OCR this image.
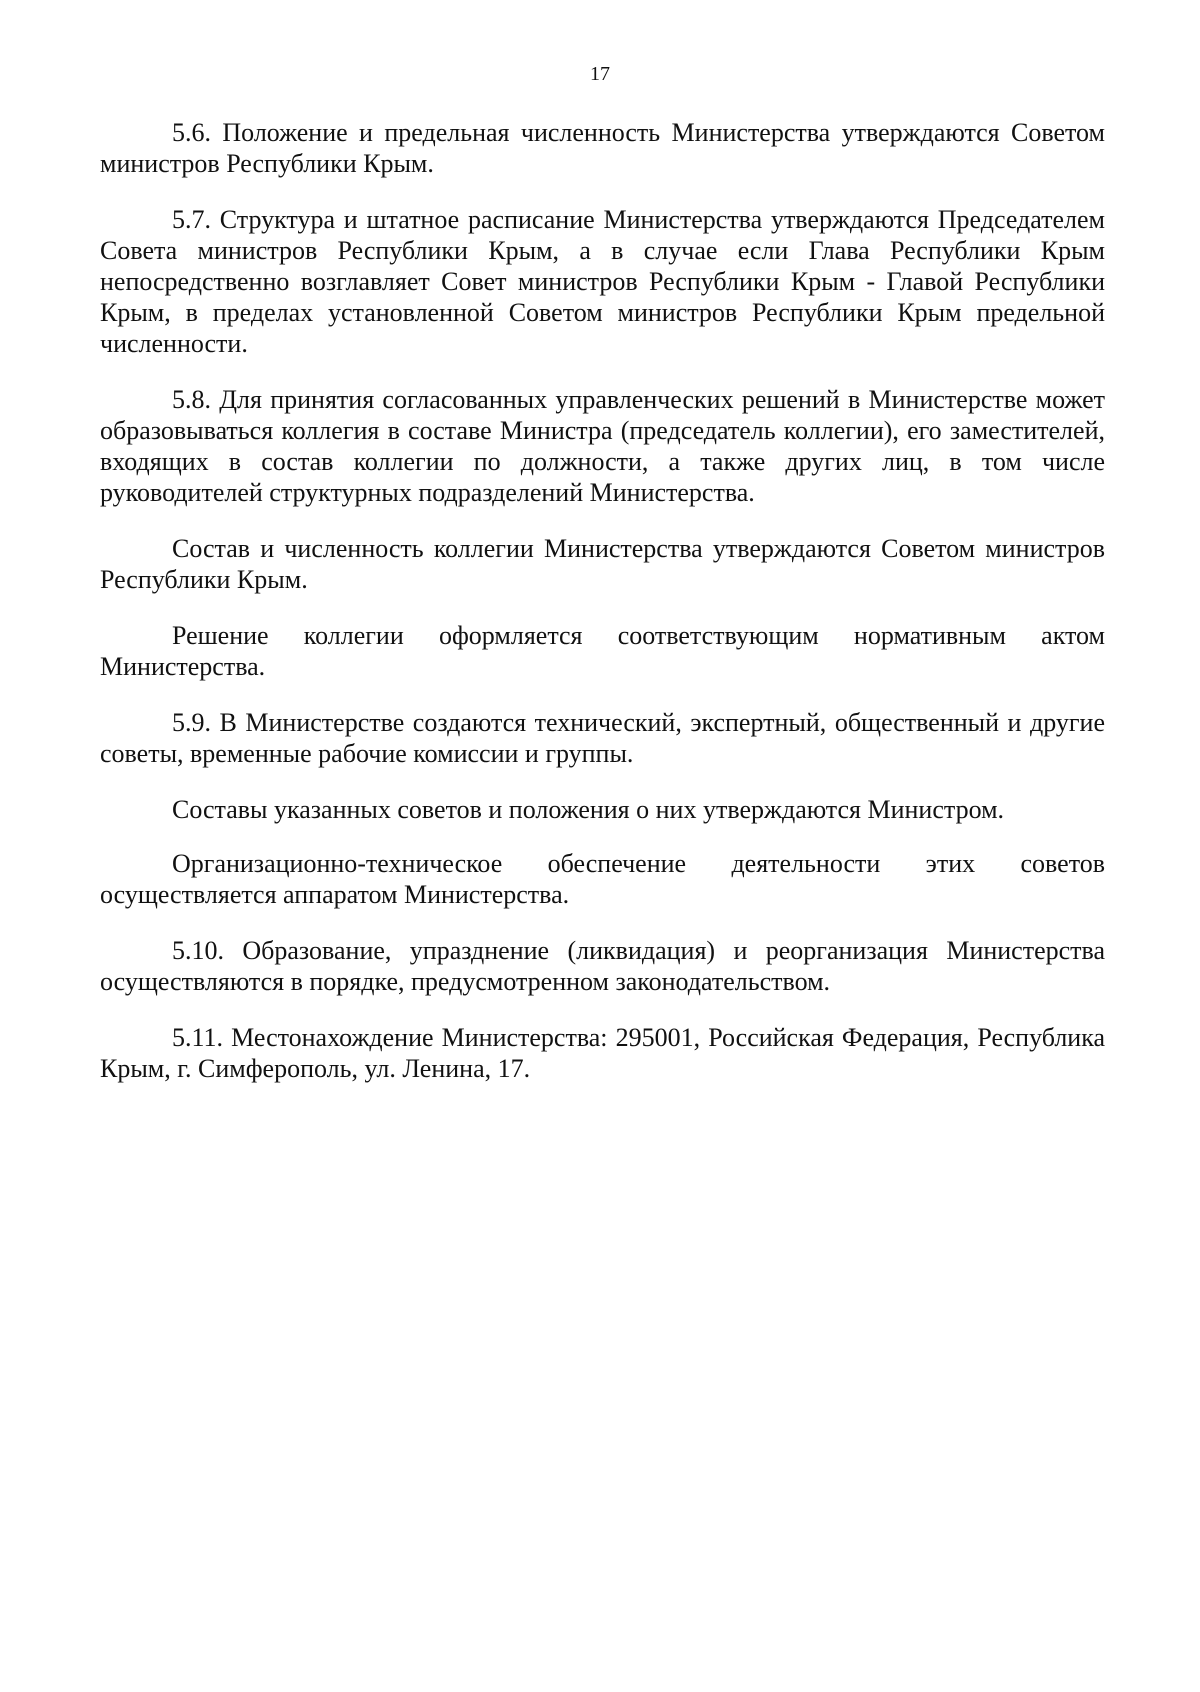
17

5.6. Положение и предельная численность Министерства утверждаются Советом министров Республики Крым.

5.7. Структура и штатное расписание Министерства утверждаются Председателем Совета министров Республики Крым, а в случае если Глава Республики Крым непосредственно возглавляет Совет министров Республики Крым - Главой Республики Крым, в пределах установленной Советом министров Республики Крым предельной численности.

5.8. Для принятия согласованных управленческих решений в Министерстве может образовываться коллегия в составе Министра (председатель коллегии), его заместителей, входящих в состав коллегии по должности, а также других лиц, в том числе руководителей структурных подразделений Министерства.

Состав и численность коллегии Министерства утверждаются Советом министров Республики Крым.

Решение коллегии оформляется соответствующим нормативным актом Министерства.

5.9. В Министерстве создаются технический, экспертный, общественный и другие советы, временные рабочие комиссии и группы.

Составы указанных советов и положения о них утверждаются Министром.

Организационно-техническое обеспечение деятельности этих советов осуществляется аппаратом Министерства.

5.10. Образование, упразднение (ликвидация) и реорганизация Министерства осуществляются в порядке, предусмотренном законодательством.

5.11. Местонахождение Министерства: 295001, Российская Федерация, Республика Крым, г. Симферополь, ул. Ленина, 17.
